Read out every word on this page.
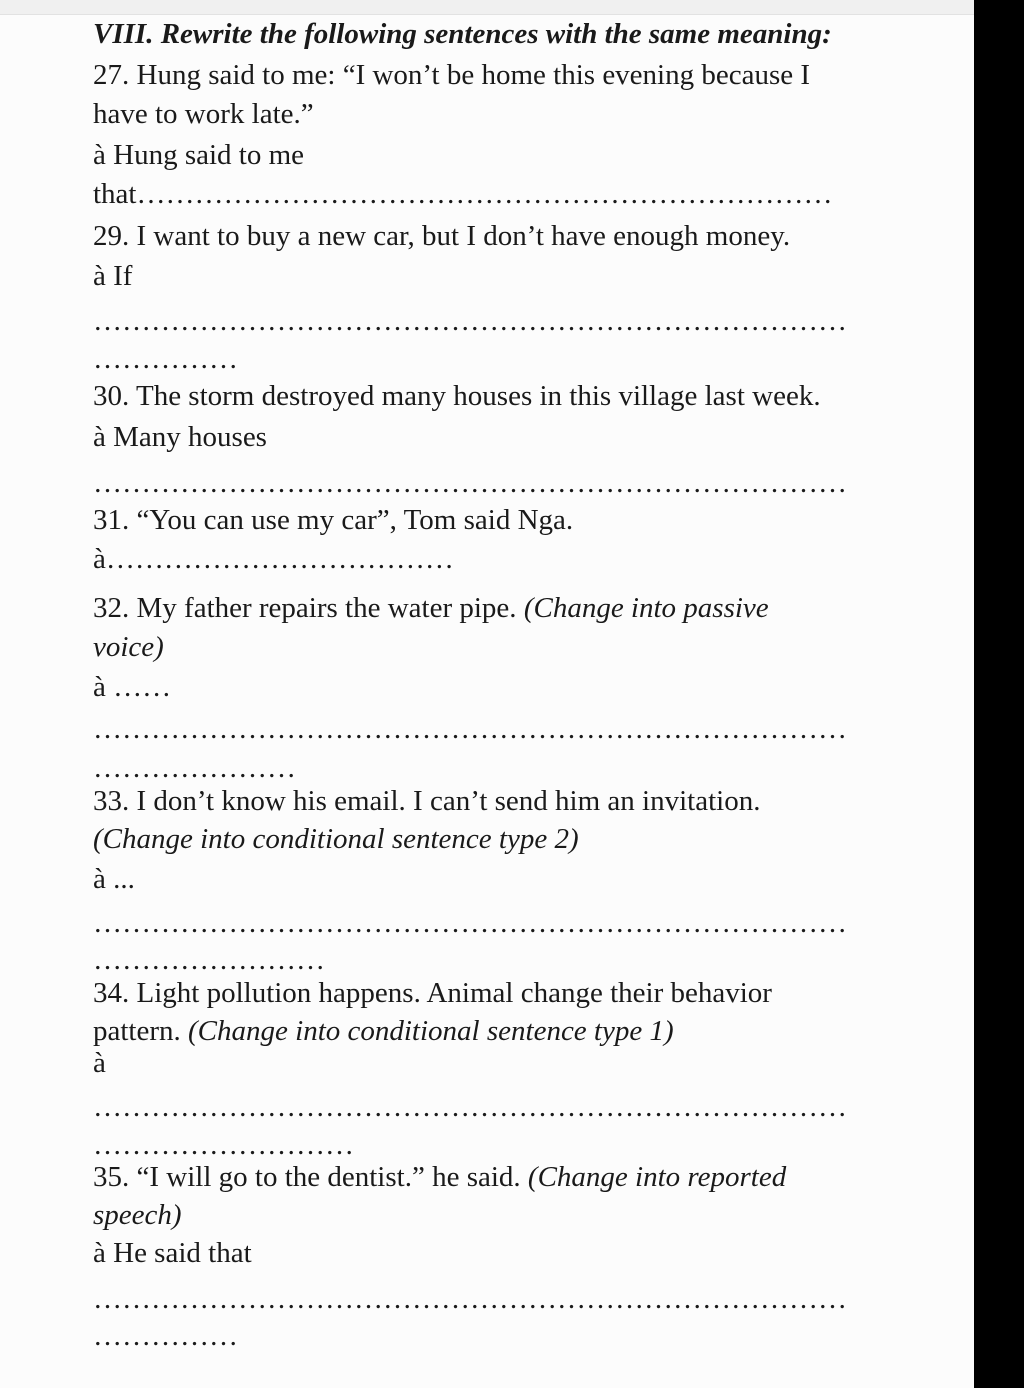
VIII. Rewrite the following sentences with the same meaning:

27. Hung said to me: “I won’t be home this evening because I

have to work late.”

à Hung said to me

that………………………………………………………………

29. I want to buy a new car, but I don’t have enough money.

à If

……………………………………………………………………

……………

30. The storm destroyed many houses in this village last week.

à Many houses

……………………………………………………………………

31. “You can use my car”, Tom said Nga.

à………………………………

32. My father repairs the water pipe. (Change into passive

voice)

à ……

……………………………………………………………………

…………………

33. I don’t know his email. I can’t send him an invitation.

(Change into conditional sentence type 2)

à ...

……………………………………………………………………

……………………

34. Light pollution happens. Animal change their behavior

pattern. (Change into conditional sentence type 1)

à

……………………………………………………………………

………………………

35. “I will go to the dentist.” he said. (Change into reported

speech)

à He said that

……………………………………………………………………

……………
